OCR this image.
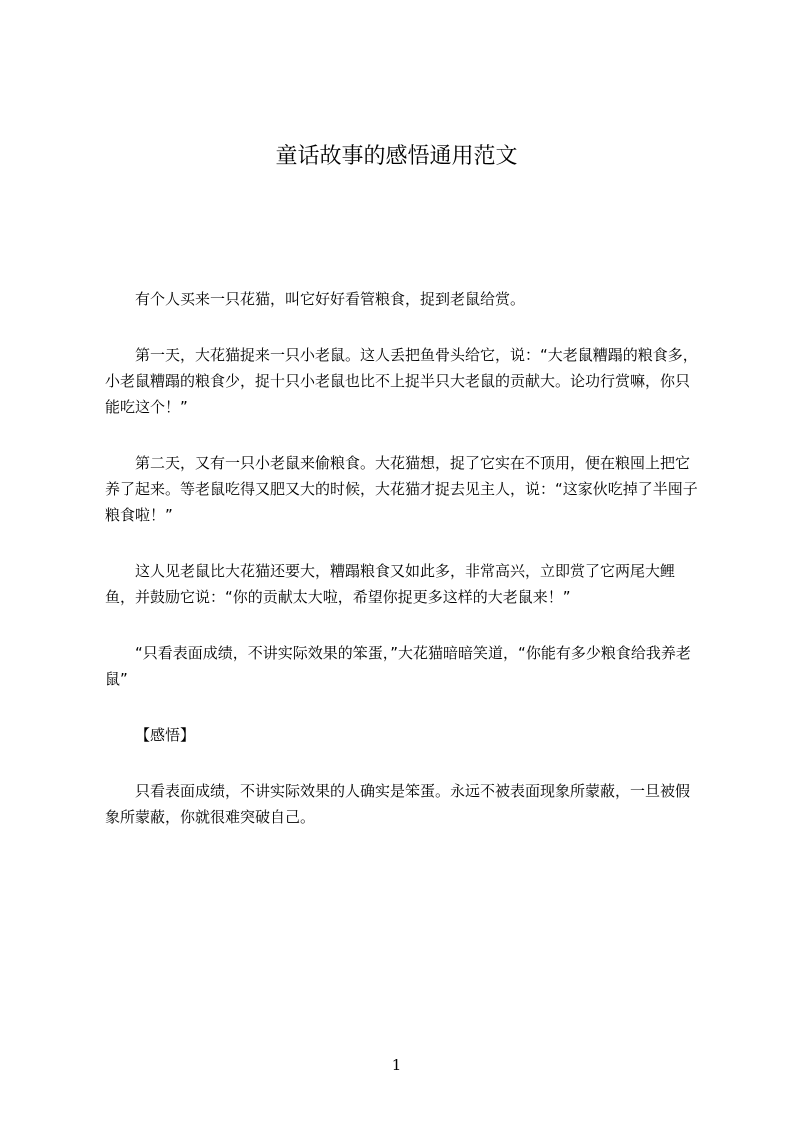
童话故事的感悟通用范文

有个人买来一只花猫，叫它好好看管粮食，捉到老鼠给赏。

第一天，大花猫捉来一只小老鼠。这人丢把鱼骨头给它，说：“大老鼠糟蹋的粮食多，小老鼠糟蹋的粮食少，捉十只小老鼠也比不上捉半只大老鼠的贡献大。论功行赏嘛，你只能吃这个！”

第二天，又有一只小老鼠来偷粮食。大花猫想，捉了它实在不顶用，便在粮囤上把它养了起来。等老鼠吃得又肥又大的时候，大花猫才捉去见主人，说：“这家伙吃掉了半囤子粮食啦！”

这人见老鼠比大花猫还要大，糟蹋粮食又如此多，非常高兴，立即赏了它两尾大鲤鱼，并鼓励它说：“你的贡献太大啦，希望你捉更多这样的大老鼠来！”

“只看表面成绩，不讲实际效果的笨蛋，”大花猫暗暗笑道，“你能有多少粮食给我养老鼠”

【感悟】

只看表面成绩，不讲实际效果的人确实是笨蛋。永远不被表面现象所蒙蔽，一旦被假象所蒙蔽，你就很难突破自己。

1
